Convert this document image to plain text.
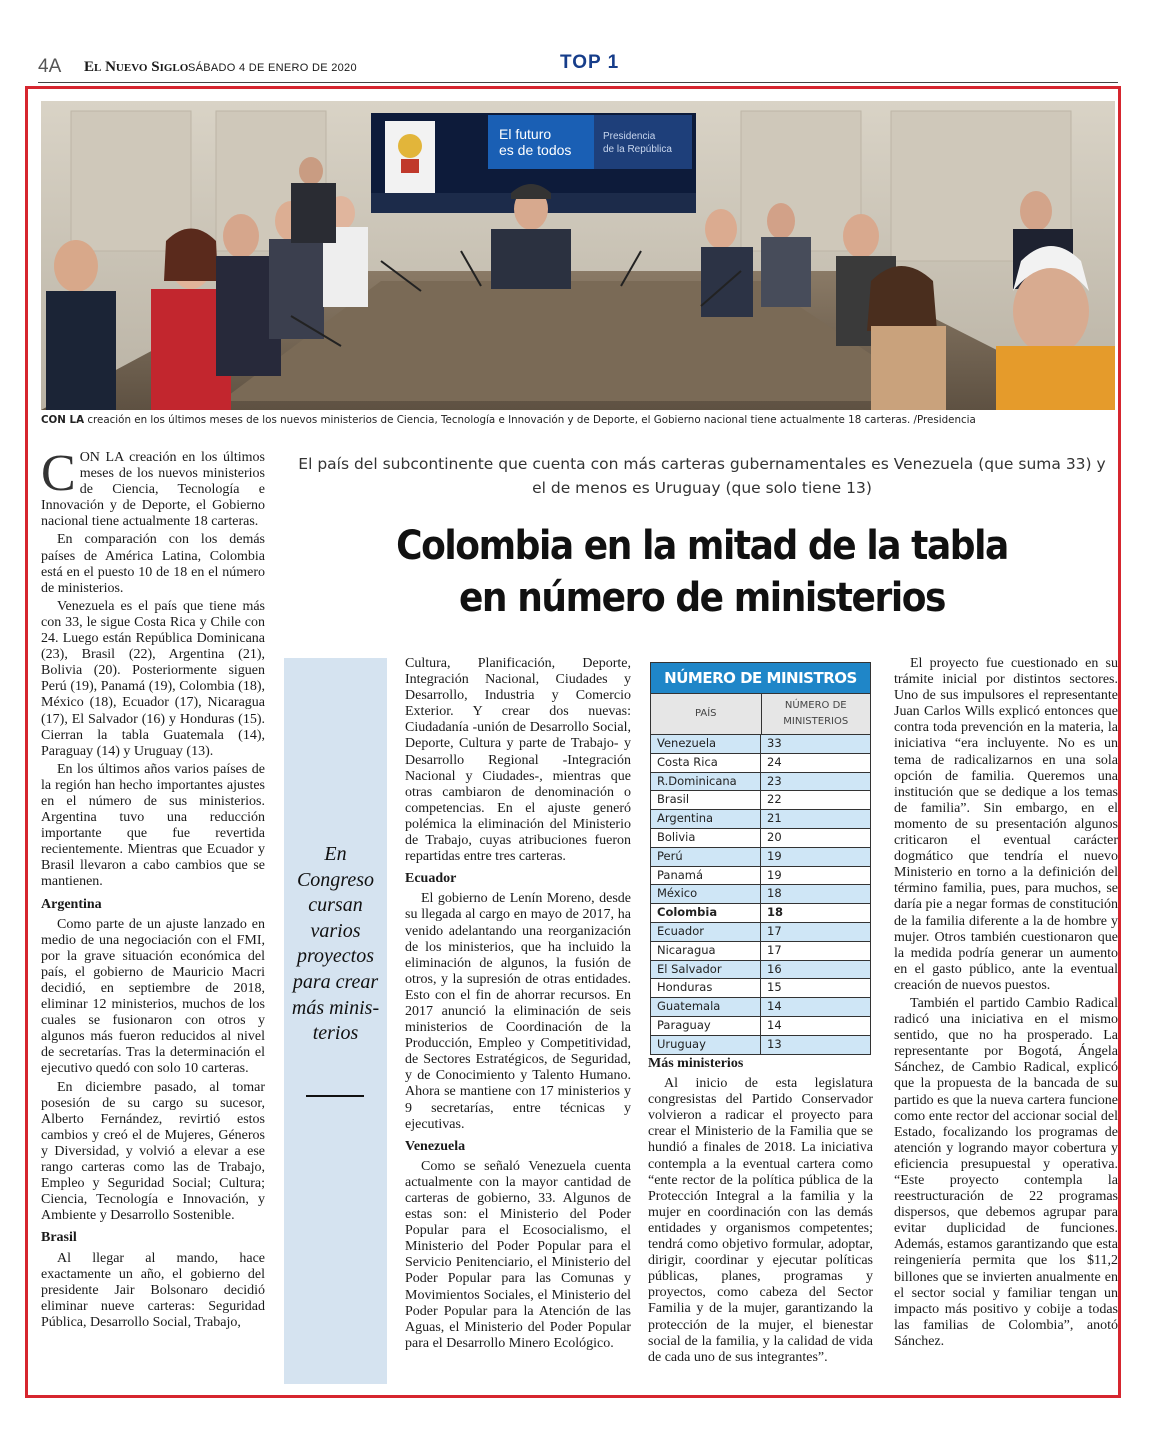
4A El Nuevo Siglo SÁBADO 4 DE ENERO DE 2020	TOP 1
El futuro
es de todos
Presidencia
de la República
CON LA creación en los últimos meses de los nuevos ministerios de Ciencia, Tecnología e Innovación y de Deporte, el Gobierno nacional tiene actualmente 18 carteras. /Presidencia
El país del subcontinente que cuenta con más carteras gubernamentales es Venezuela (que suma 33) y el de menos es Uruguay (que solo tiene 13)
Colombia en la mitad de la tabla
en número de ministerios

CON LA creación en los últimos meses de los nuevos ministerios de Ciencia, Tecnología e Innovación y de Deporte, el Gobierno nacional tiene actualmente 18 carteras.

En comparación con los demás países de América Latina, Colombia está en el puesto 10 de 18 en el número de ministerios.

Venezuela es el país que tiene más con 33, le sigue Costa Rica y Chile con 24. Luego están República Dominicana (23), Brasil (22), Argentina (21), Bolivia (20). Posteriormente siguen Perú (19), Panamá (19), Colombia (18), México (18), Ecuador (17), Nicaragua (17), El Salvador (16) y Honduras (15). Cierran la tabla Guatemala (14), Paraguay (14) y Uruguay (13).

En los últimos años varios países de la región han hecho importantes ajustes en el número de sus ministerios. Argentina tuvo una reducción importante que fue revertida recientemente. Mientras que Ecuador y Brasil llevaron a cabo cambios que se mantienen.

Argentina

Como parte de un ajuste lanzado en medio de una negociación con el FMI, por la grave situación económica del país, el gobierno de Mauricio Macri decidió, en septiembre de 2018, eliminar 12 ministerios, muchos de los cuales se fusionaron con otros y algunos más fueron reducidos al nivel de secretarías. Tras la determinación el ejecutivo quedó con solo 10 carteras.

En diciembre pasado, al tomar posesión de su cargo su sucesor, Alberto Fernández, revirtió estos cambios y creó el de Mujeres, Géneros y Diversidad, y volvió a elevar a ese rango carteras como las de Trabajo, Empleo y Seguridad Social; Cultura; Ciencia, Tecnología e Innovación, y Ambiente y Desarrollo Sostenible.

Brasil

Al llegar al mando, hace exactamente un año, el gobierno del presidente Jair Bolsonaro decidió eliminar nueve carteras: Seguridad Pública, Desarrollo Social, Trabajo,

En Congreso cursan varios proyectos para crear más minis- terios

Cultura, Planificación, Deporte, Integración Nacional, Ciudades y Desarrollo, Industria y Comercio Exterior. Y crear dos nuevas: Ciudadanía -unión de Desarrollo Social, Deporte, Cultura y parte de Trabajo- y Desarrollo Regional -Integración Nacional y Ciudades-, mientras que otras cambiaron de denominación o competencias. En el ajuste generó polémica la eliminación del Ministerio de Trabajo, cuyas atribuciones fueron repartidas entre tres carteras.

Ecuador

El gobierno de Lenín Moreno, desde su llegada al cargo en mayo de 2017, ha venido adelantando una reorganización de los ministerios, que ha incluido la eliminación de algunos, la fusión de otros, y la supresión de otras entidades. Esto con el fin de ahorrar recursos. En 2017 anunció la eliminación de seis ministerios de Coordinación de la Producción, Empleo y Competitividad, de Sectores Estratégicos, de Seguridad, y de Conocimiento y Talento Humano. Ahora se mantiene con 17 ministerios y 9 secretarías, entre técnicas y ejecutivas.

Venezuela

Como se señaló Venezuela cuenta actualmente con la mayor cantidad de carteras de gobierno, 33. Algunos de estas son: el Ministerio del Poder Popular para el Ecosocialismo, el Ministerio del Poder Popular para el Servicio Penitenciario, el Ministerio del Poder Popular para las Comunas y Movimientos Sociales, el Ministerio del Poder Popular para la Atención de las Aguas, el Ministerio del Poder Popular para el Desarrollo Minero Ecológico.

NÚMERO DE MINISTROS
PAÍS
NÚMERO DE MINISTERIOS
Venezuela	33
Costa Rica	24
R.Dominicana	23
Brasil	22
Argentina	21
Bolivia	20
Perú	19
Panamá	19
México	18
Colombia	18
Ecuador	17
Nicaragua	17
El Salvador	16
Honduras	15
Guatemala	14
Paraguay	14
Uruguay	13
Más ministerios

Al inicio de esta legislatura congresistas del Partido Conservador volvieron a radicar el proyecto para crear el Ministerio de la Familia que se hundió a finales de 2018. La iniciativa contempla a la eventual cartera como “ente rector de la política pública de la Protección Integral a la familia y la mujer en coordinación con las demás entidades y organismos competentes; tendrá como objetivo formular, adoptar, dirigir, coordinar y ejecutar políticas públicas, planes, programas y proyectos, como cabeza del Sector Familia y de la mujer, garantizando la protección de la mujer, el bienestar social de la familia, y la calidad de vida de cada uno de sus integrantes”.

El proyecto fue cuestionado en su trámite inicial por distintos sectores. Uno de sus impulsores el representante Juan Carlos Wills explicó entonces que contra toda prevención en la materia, la iniciativa “era incluyente. No es un tema de radicalizarnos en una sola opción de familia. Queremos una institución que se dedique a los temas de familia”. Sin embargo, en el momento de su presentación algunos criticaron el eventual carácter dogmático que tendría el nuevo Ministerio en torno a la definición del término familia, pues, para muchos, se daría pie a negar formas de constitución de la familia diferente a la de hombre y mujer. Otros también cuestionaron que la medida podría generar un aumento en el gasto público, ante la eventual creación de nuevos puestos.

También el partido Cambio Radical radicó una iniciativa en el mismo sentido, que no ha prosperado. La representante por Bogotá, Ángela Sánchez, de Cambio Radical, explicó que la propuesta de la bancada de su partido es que la nueva cartera funcione como ente rector del accionar social del Estado, focalizando los programas de atención y logrando mayor cobertura y eficiencia presupuestal y operativa. “Este proyecto contempla la reestructuración de 22 programas dispersos, que debemos agrupar para evitar duplicidad de funciones. Además, estamos garantizando que esta reingeniería permita que los $11,2 billones que se invierten anualmente en el sector social y familiar tengan un impacto más positivo y cobije a todas las familias de Colombia”, anotó Sánchez.
